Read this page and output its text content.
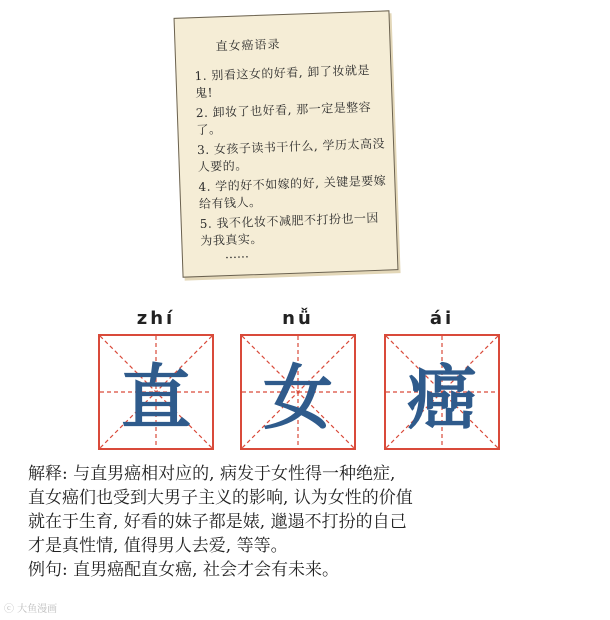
直女癌语录
1. 别看这女的好看, 卸了妆就是鬼!
2. 卸妆了也好看, 那一定是整容了。
3. 女孩子读书干什么, 学历太高没人要的。
4. 学的好不如嫁的好, 关键是要嫁给有钱人。
5. 我不化妆不减肥不打扮也一因为我真实。
……
zhí	nǚ	ái
直	女	癌
解释: 与直男癌相对应的, 病发于女性得一种绝症,
直女癌们也受到大男子主义的影响, 认为女性的价值
就在于生育, 好看的妹子都是婊, 邋遢不打扮的自己
才是真性情, 值得男人去爱, 等等。
例句: 直男癌配直女癌, 社会才会有未来。
ⓒ 大鱼漫画
